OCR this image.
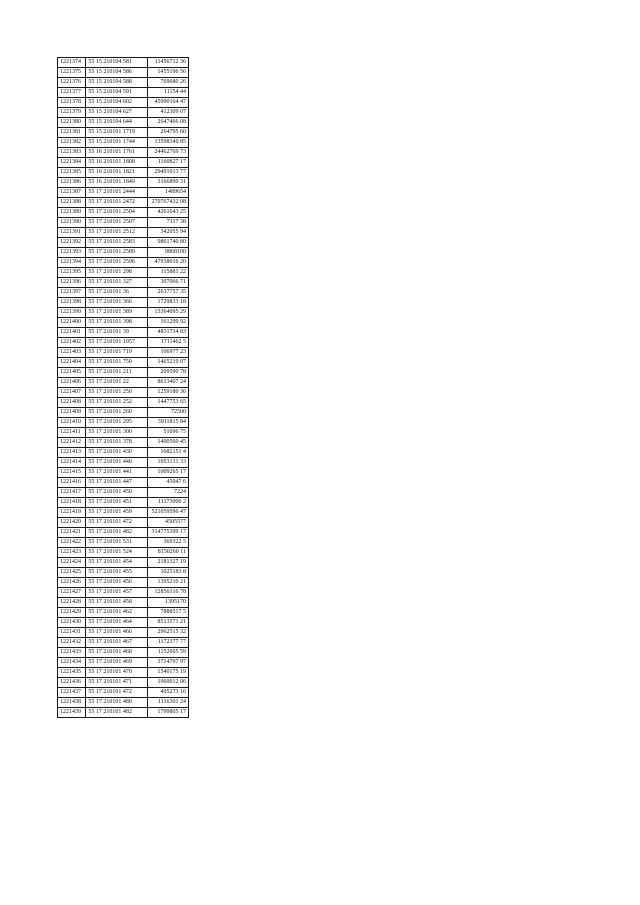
1221374	55 15 210104 581	11456712 36
1221375	55 15 210104 586	1455196 56
1221376	55 15 210104 588	769680 26
1221377	55 15 210104 591	11154 44
1221378	55 15 210104 602	45990164 47
1221379	55 15 210104 627	412309 07
1221380	55 15 210104 644	2647466 08
1221381	55 15 210101 1719	264795 60
1221382	55 15 210101 1744	13598349 85
1221383	55 16 210101 1761	24462769 73
1221384	55 16 210101 1808	1160827 17
1221385	55 16 210101 1821	29491013 77
1221386	55 16 210101 1849	3166890 31
1221387	55 17 210101 2444	1489654
1221388	55 17 210101 2472	270767432 08
1221389	55 17 210101 2504	4261643 25
1221390	55 17 210101 2507	7117 38
1221391	55 17 210101 2512	342055 94
1221392	55 17 210101 2583	9861740 80
1221393	55 17 210101 2589	9868100
1221394	55 17 210101 2596	47938016 20
1221395	55 17 210101 298	115881 22
1221396	55 17 210101 327	307066 71
1221397	55 17 210101 36	2637757 35
1221398	55 17 210101 366	1729833 18
1221399	55 17 210101 389	13364095 29
1221400	55 17 210101 398	161299 92
1221401	55 17 210101 39	4831734 83
1221402	55 17 210101 1057	1711462 5
1221403	55 17 210101 719	106977 23
1221404	55 17 210101 750	1465219 07
1221405	55 17 210101 211	209590 78
1221406	55 17 210101 22	8613407 24
1221407	55 17 210101 250	1259180 36
1221408	55 17 210101 252	1447753 65
1221409	55 17 210101 260	72500
1221410	55 17 210101 295	3911815 84
1221411	55 17 210101 300	51696 75
1221412	55 17 210101 378	1400560 45
1221413	55 17 210101 430	1682151 4
1221414	55 17 210101 440	1053131 33
1221415	55 17 210101 441	1009265 17
1221416	55 17 210101 447	45047 6
1221417	55 17 210101 450	7224
1221418	55 17 210101 451	11173000 2
1221419	55 17 210101 459	521059596 47
1221420	55 17 210101 472	4505577
1221421	55 17 210101 482	314775399 17
1221422	55 17 210101 531	369322 5
1221423	55 17 210101 524	8150260 11
1221424	55 17 210101 454	2181327 19
1221425	55 17 210101 455	1025183 8
1221426	55 17 210101 456	1395210 21
1221427	55 17 210101 457	12856316 78
1221428	55 17 210101 458	1395170
1221429	55 17 210101 462	7888517 5
1221430	55 17 210101 464	8513571 21
1221431	55 17 210101 466	2962515 32
1221432	55 17 210101 467	1172377 77
1221433	55 17 210101 468	1152605 59
1221434	55 17 210101 469	3714797 97
1221435	55 17 210101 470	1540175 19
1221436	55 17 210101 471	1960012 06
1221437	55 17 210101 472	495273 16
1221438	55 17 210101 480	1116301 24
1221439	55 17 210101 482	1799805 17
